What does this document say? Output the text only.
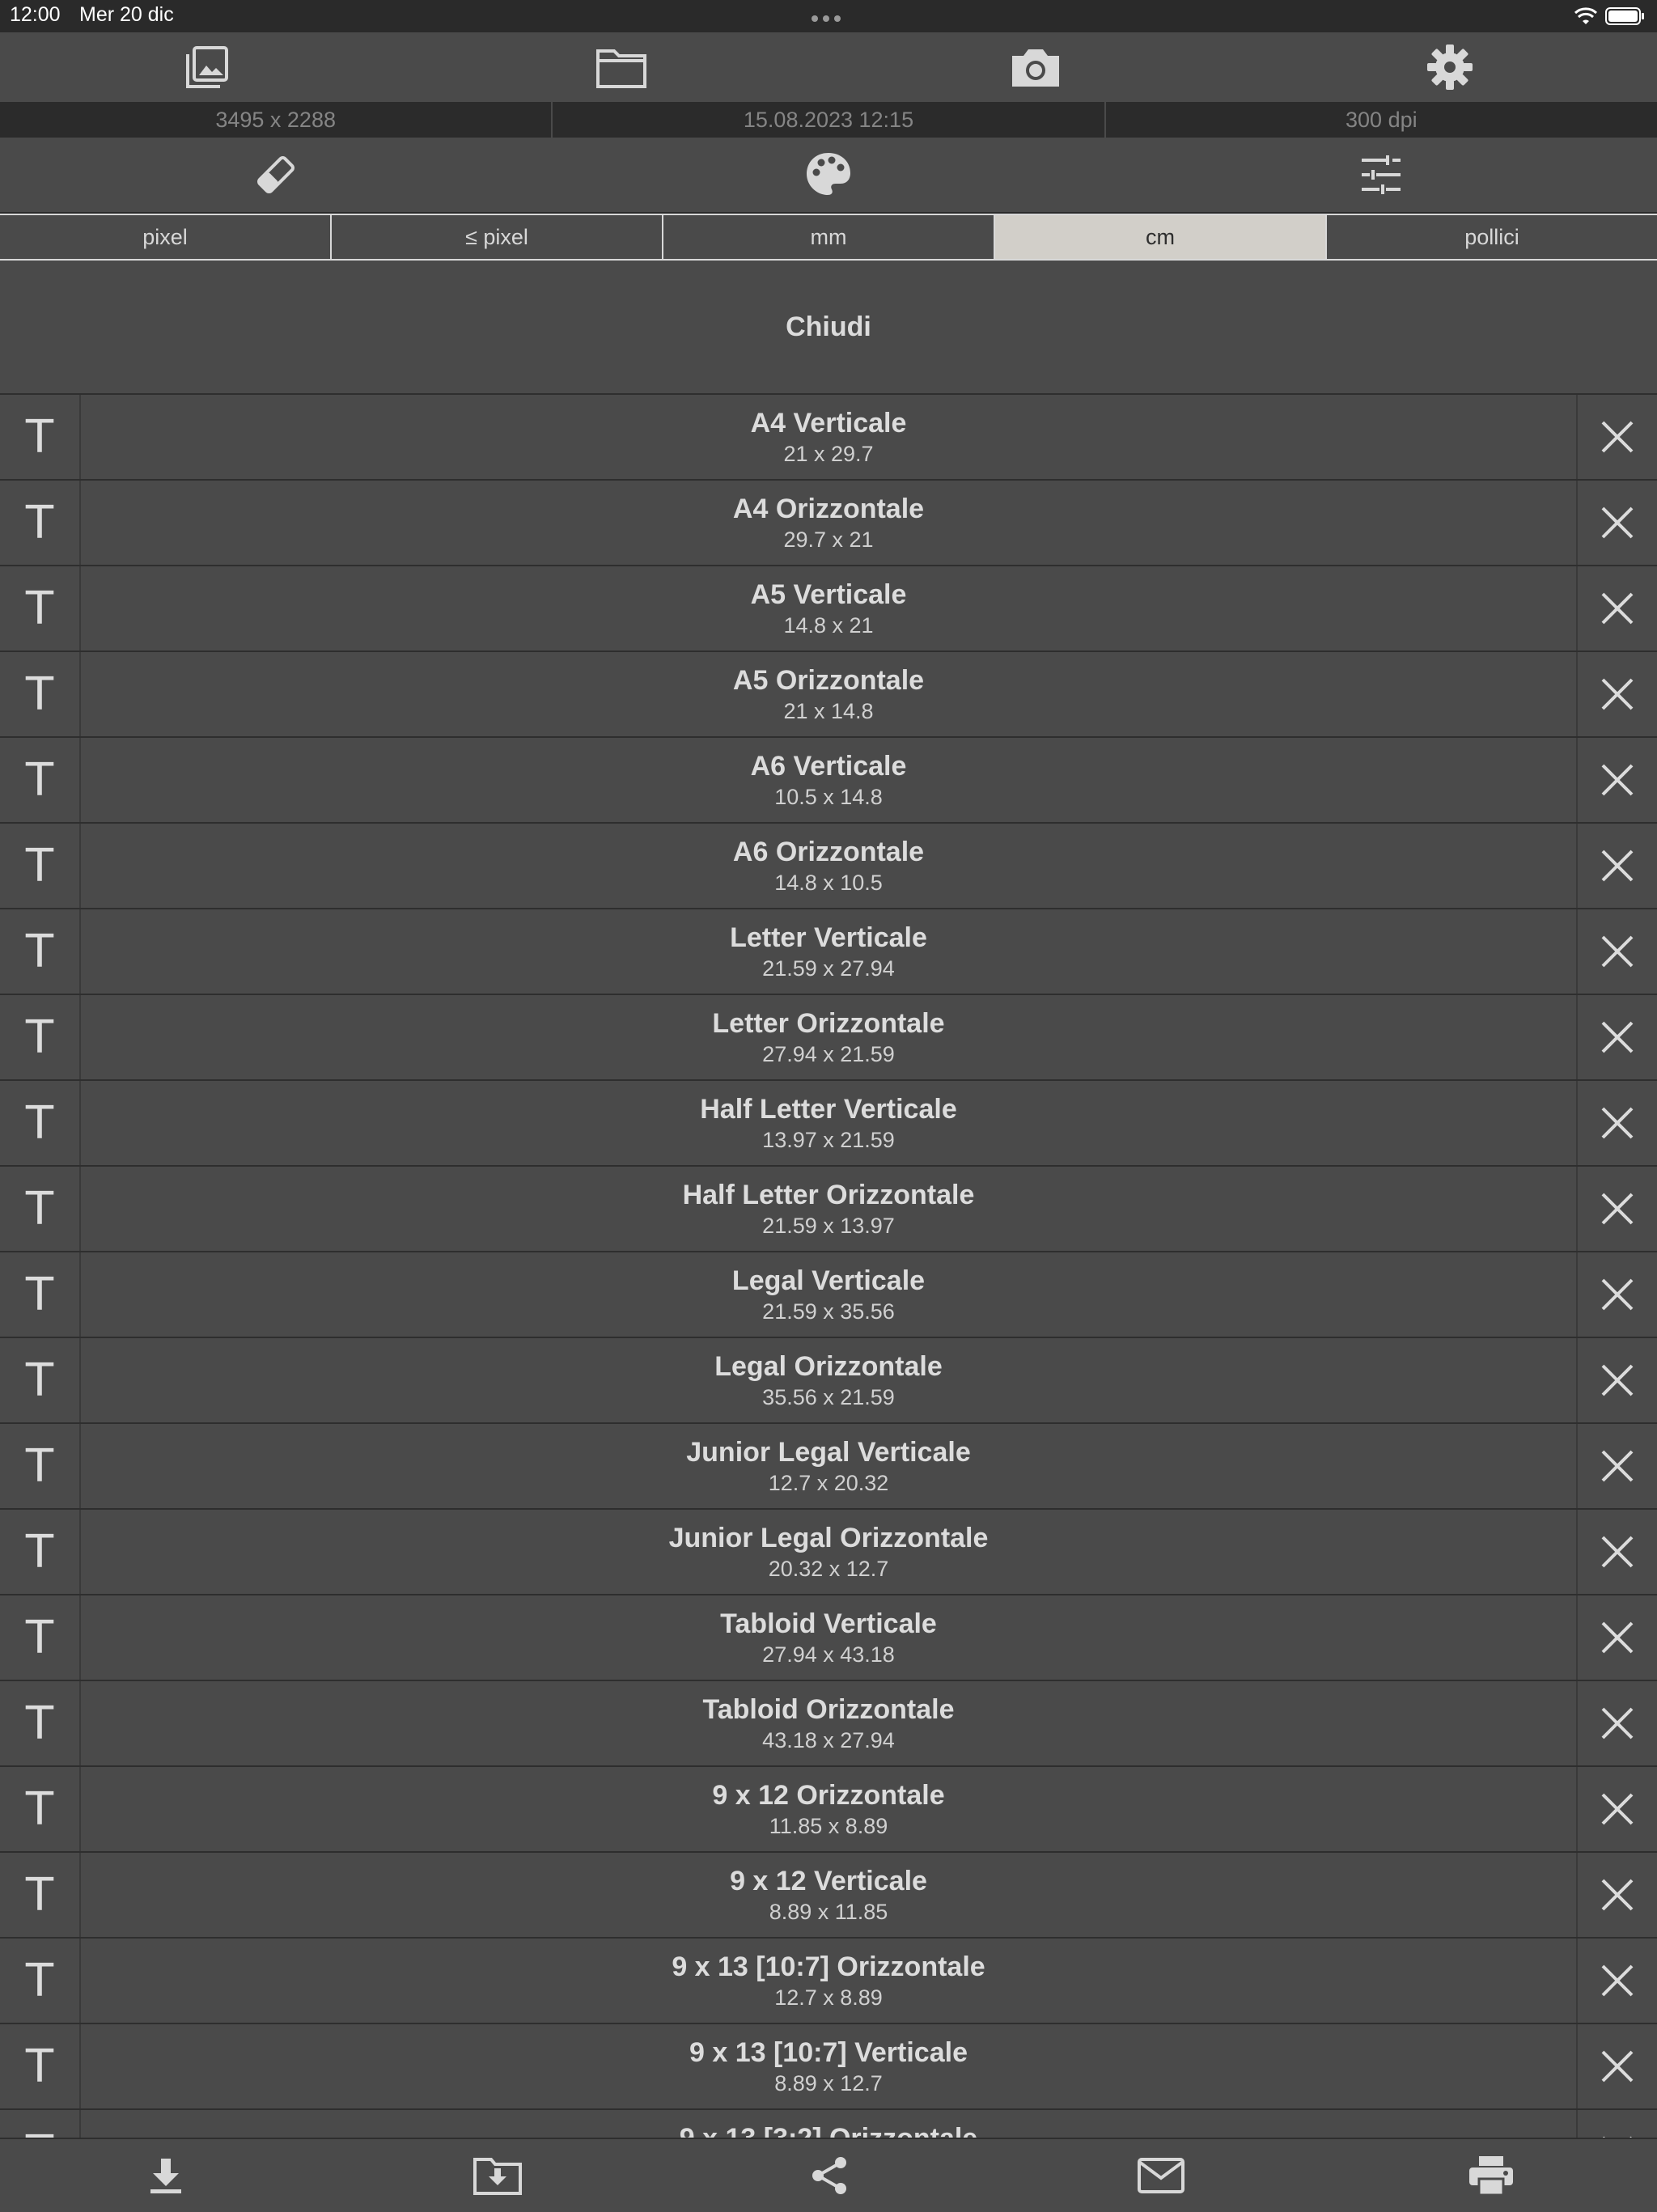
12:00 Mer 20 dic
3495 x 2288	15.08.2023 12:15	300 dpi
pixel	≤ pixel	mm	cm	pollici
Chiudi
T	A4 Verticale
21 x 29.7
T	A4 Orizzontale
29.7 x 21
T	A5 Verticale
14.8 x 21
T	A5 Orizzontale
21 x 14.8
T	A6 Verticale
10.5 x 14.8
T	A6 Orizzontale
14.8 x 10.5
T	Letter Verticale
21.59 x 27.94
T	Letter Orizzontale
27.94 x 21.59
T	Half Letter Verticale
13.97 x 21.59
T	Half Letter Orizzontale
21.59 x 13.97
T	Legal Verticale
21.59 x 35.56
T	Legal Orizzontale
35.56 x 21.59
T	Junior Legal Verticale
12.7 x 20.32
T	Junior Legal Orizzontale
20.32 x 12.7
T	Tabloid Verticale
27.94 x 43.18
T	Tabloid Orizzontale
43.18 x 27.94
T	9 x 12 Orizzontale
11.85 x 8.89
T	9 x 12 Verticale
8.89 x 11.85
T	9 x 13 [10:7] Orizzontale
12.7 x 8.89
T	9 x 13 [10:7] Verticale
8.89 x 12.7
